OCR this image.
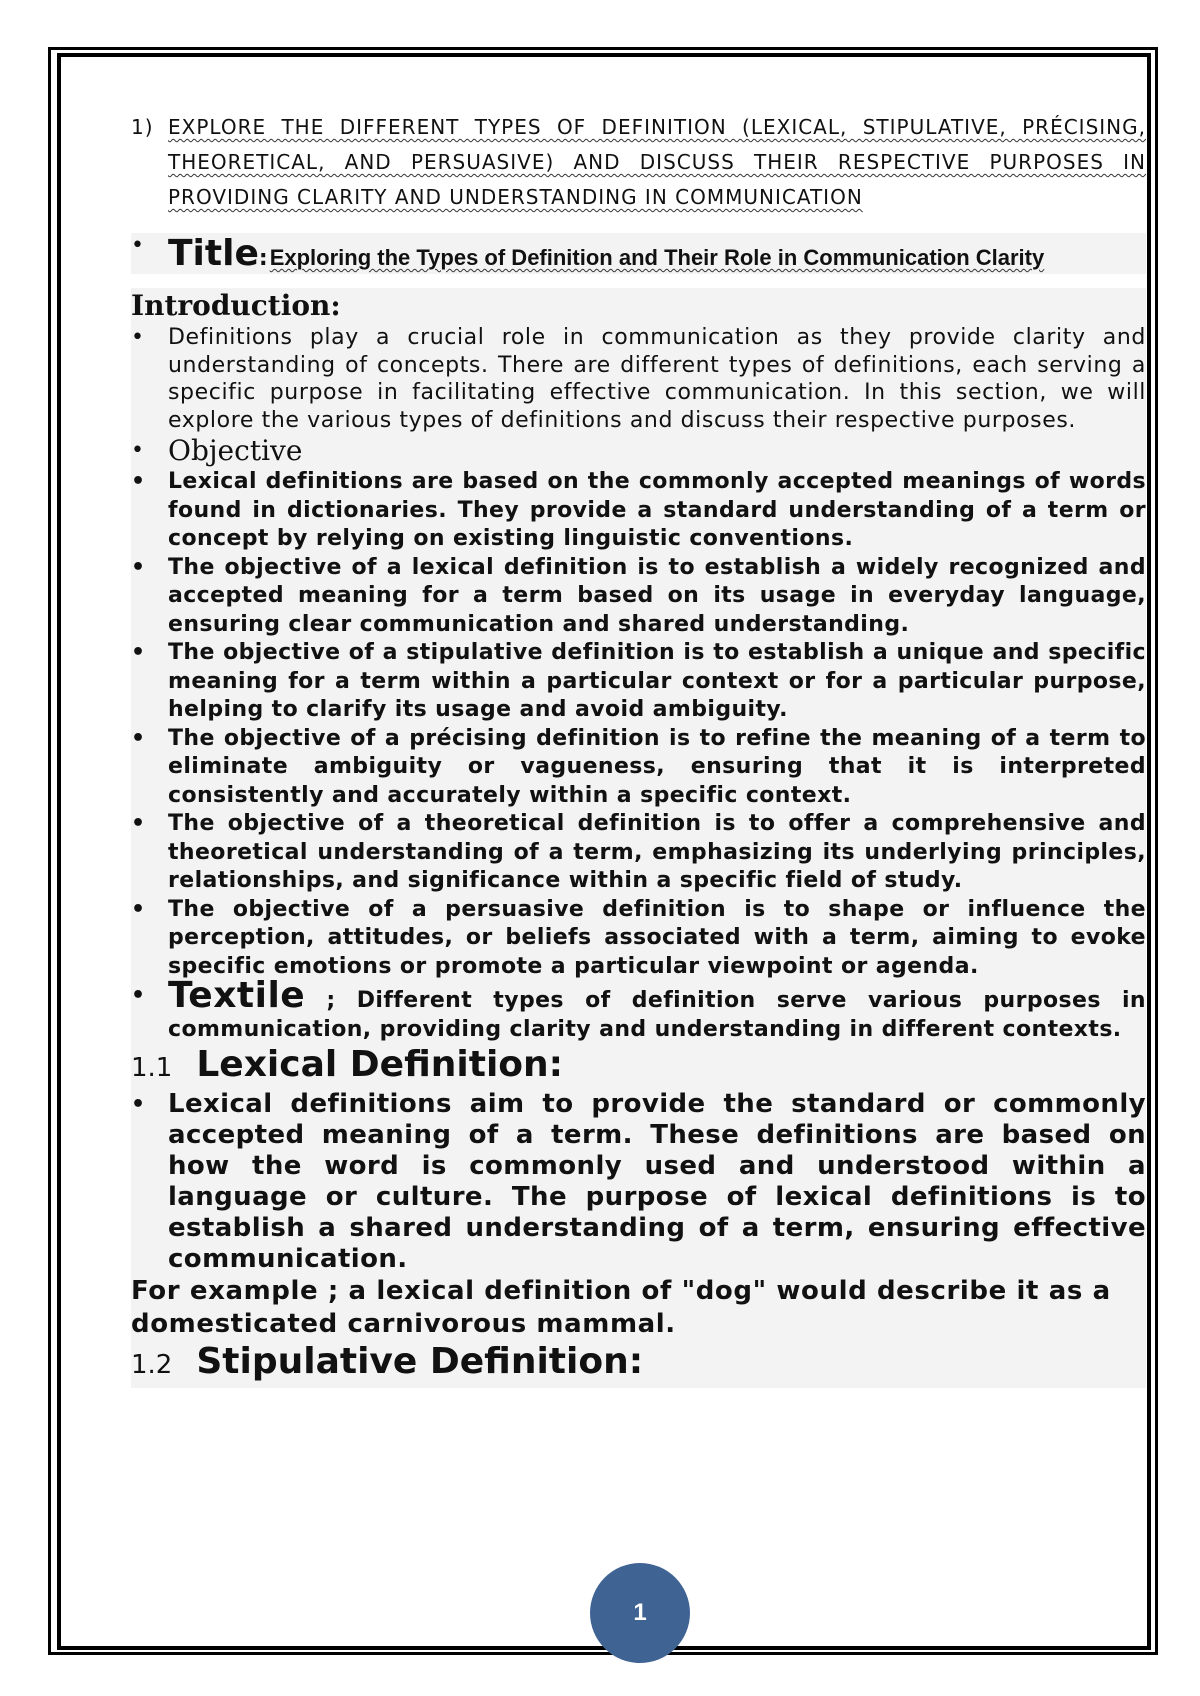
1) EXPLORE THE DIFFERENT TYPES OF DEFINITION (LEXICAL, STIPULATIVE, PRÉCISING, THEORETICAL, AND PERSUASIVE) AND DISCUSS THEIR RESPECTIVE PURPOSES IN PROVIDING CLARITY AND UNDERSTANDING IN COMMUNICATION
• Title : Exploring the Types of Definition and Their Role in Communication Clarity
Introduction:
• Definitions play a crucial role in communication as they provide clarity and understanding of concepts. There are different types of definitions, each serving a specific purpose in facilitating effective communication. In this section, we will explore the various types of definitions and discuss their respective purposes.
• Objective
• Lexical definitions are based on the commonly accepted meanings of words found in dictionaries. They provide a standard understanding of a term or concept by relying on existing linguistic conventions.
• The objective of a lexical definition is to establish a widely recognized and accepted meaning for a term based on its usage in everyday language, ensuring clear communication and shared understanding.
• The objective of a stipulative definition is to establish a unique and specific meaning for a term within a particular context or for a particular purpose, helping to clarify its usage and avoid ambiguity.
• The objective of a précising definition is to refine the meaning of a term to eliminate ambiguity or vagueness, ensuring that it is interpreted consistently and accurately within a specific context.
• The objective of a theoretical definition is to offer a comprehensive and theoretical understanding of a term, emphasizing its underlying principles, relationships, and significance within a specific field of study.
• The objective of a persuasive definition is to shape or influence the perception, attitudes, or beliefs associated with a term, aiming to evoke specific emotions or promote a particular viewpoint or agenda.
• Textile ; Different types of definition serve various purposes in communication, providing clarity and understanding in different contexts.
1.1 Lexical Definition:
• Lexical definitions aim to provide the standard or commonly accepted meaning of a term. These definitions are based on how the word is commonly used and understood within a language or culture. The purpose of lexical definitions is to establish a shared understanding of a term, ensuring effective communication.
For example ; a lexical definition of "dog" would describe it as a domesticated carnivorous mammal.
1.2 Stipulative Definition:
1
